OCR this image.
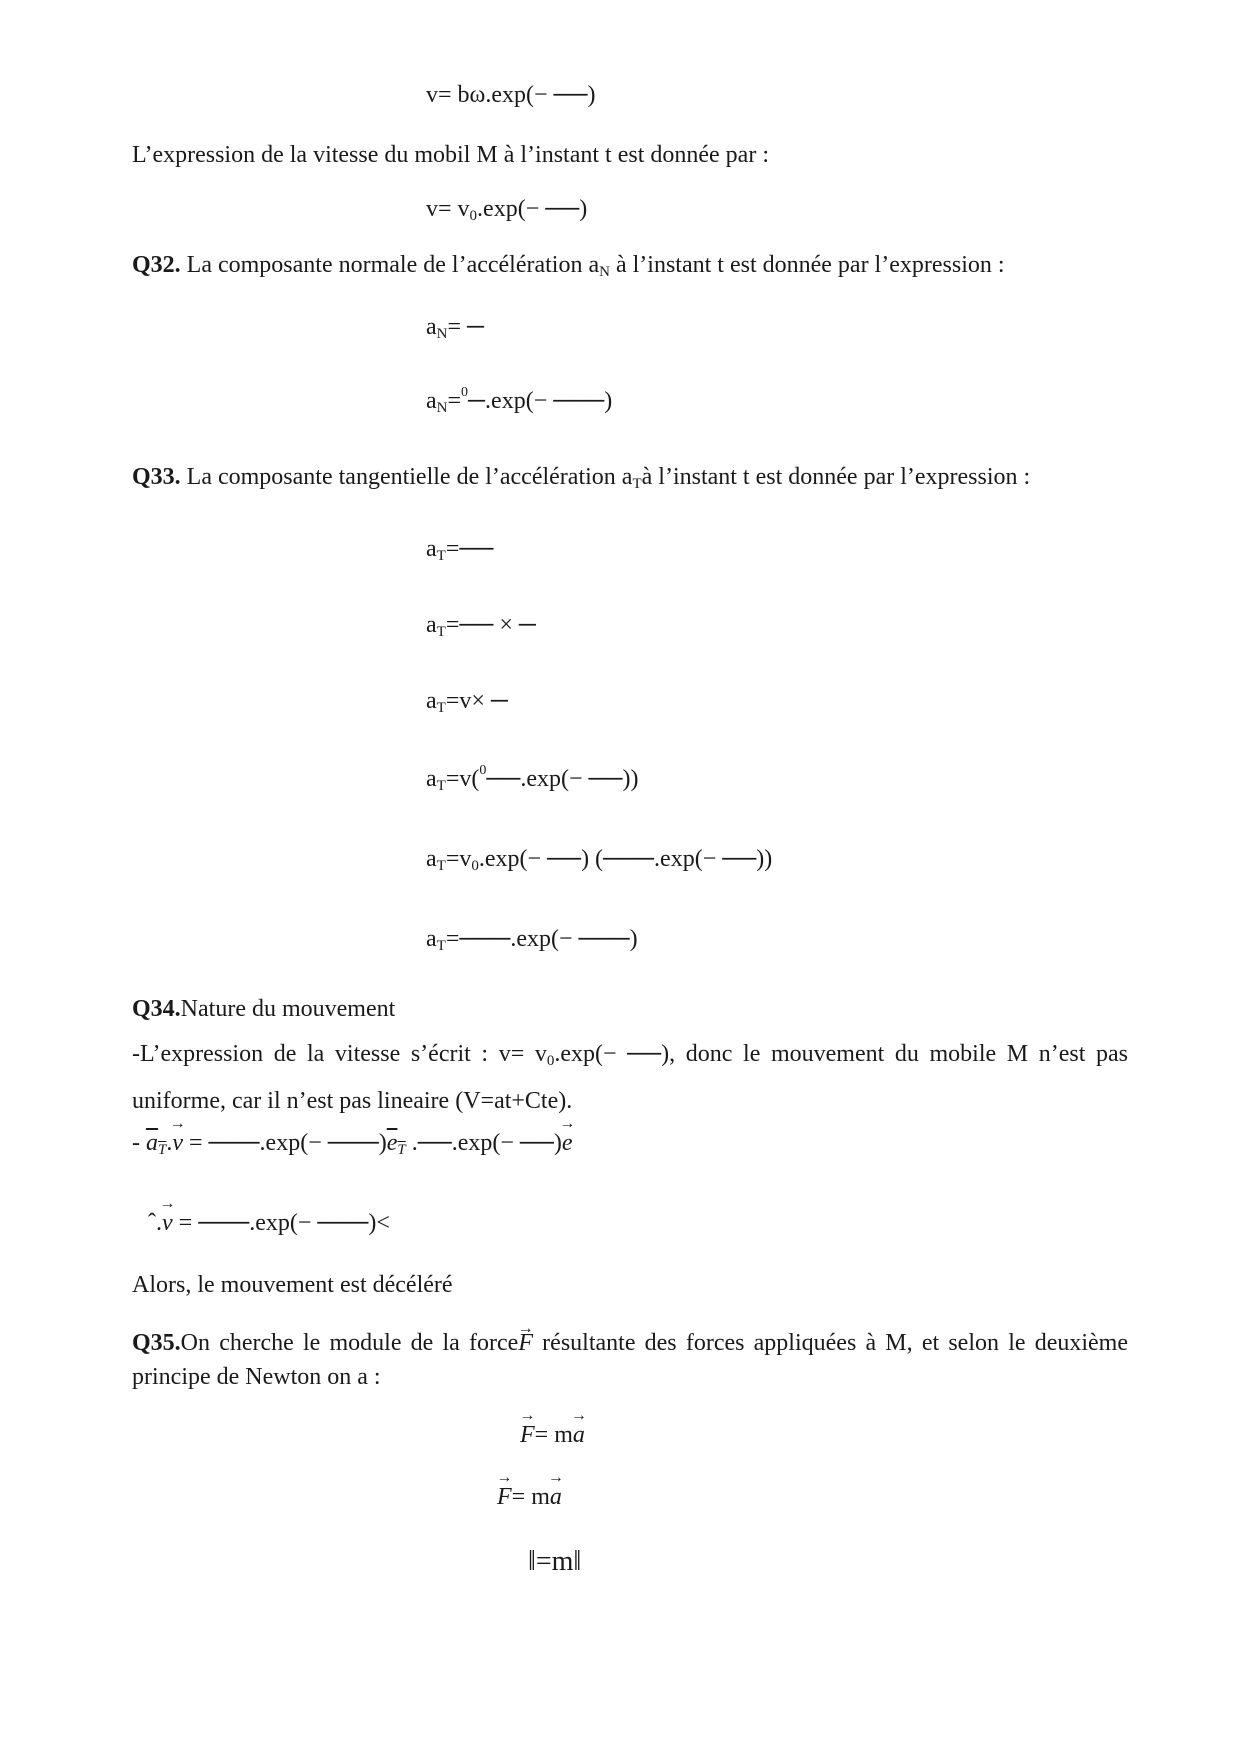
v= bω.exp(− ──)
L’expression de la vitesse du mobil M à l’instant t est donnée par :
$v= v_0.\exp(-$ ──)
Q32. La composante normale de l’accélération $a_N$ à l’instant t est donnée par l’expression :
$a_N=$ ─
$a_N=^0─.\exp(-$ ───)
Q33. La composante tangentielle de l’accélération $a_Tà$ l’instant t est donnée par l’expression :
$a_T=──$
$a_T=──$ × ─
$a_T=v\times$ ─
$a_T=v(^0──.\exp(-$ ──))
$a_T=v_0.\exp(-$ ──) (───.exp(− ──))
$a_T=───.\exp(-$ ───)
Q34.Nature du mouvement
-L’expression de la vitesse s’écrit : $v= v_0.\exp(-$ ──), donc le mouvement du mobile M n’est pas uniforme, car il n’est pas lineaire (V=at+Cte).
- $\overline{a}_{\overline{T}}.\to v$ = ───.exp(− $───)\overline{e}_{\overline{T}}$ .──.exp(− ──)→ e
ˆ.→ v = ───.exp(− ───)<
Alors, le mouvement est décéléré
Q35.On cherche le module de la force→ F résultante des forces appliquées à M, et selon le deuxième principe de Newton on a :
→ F= m→ a
→ F= m→ a
‖=m‖
